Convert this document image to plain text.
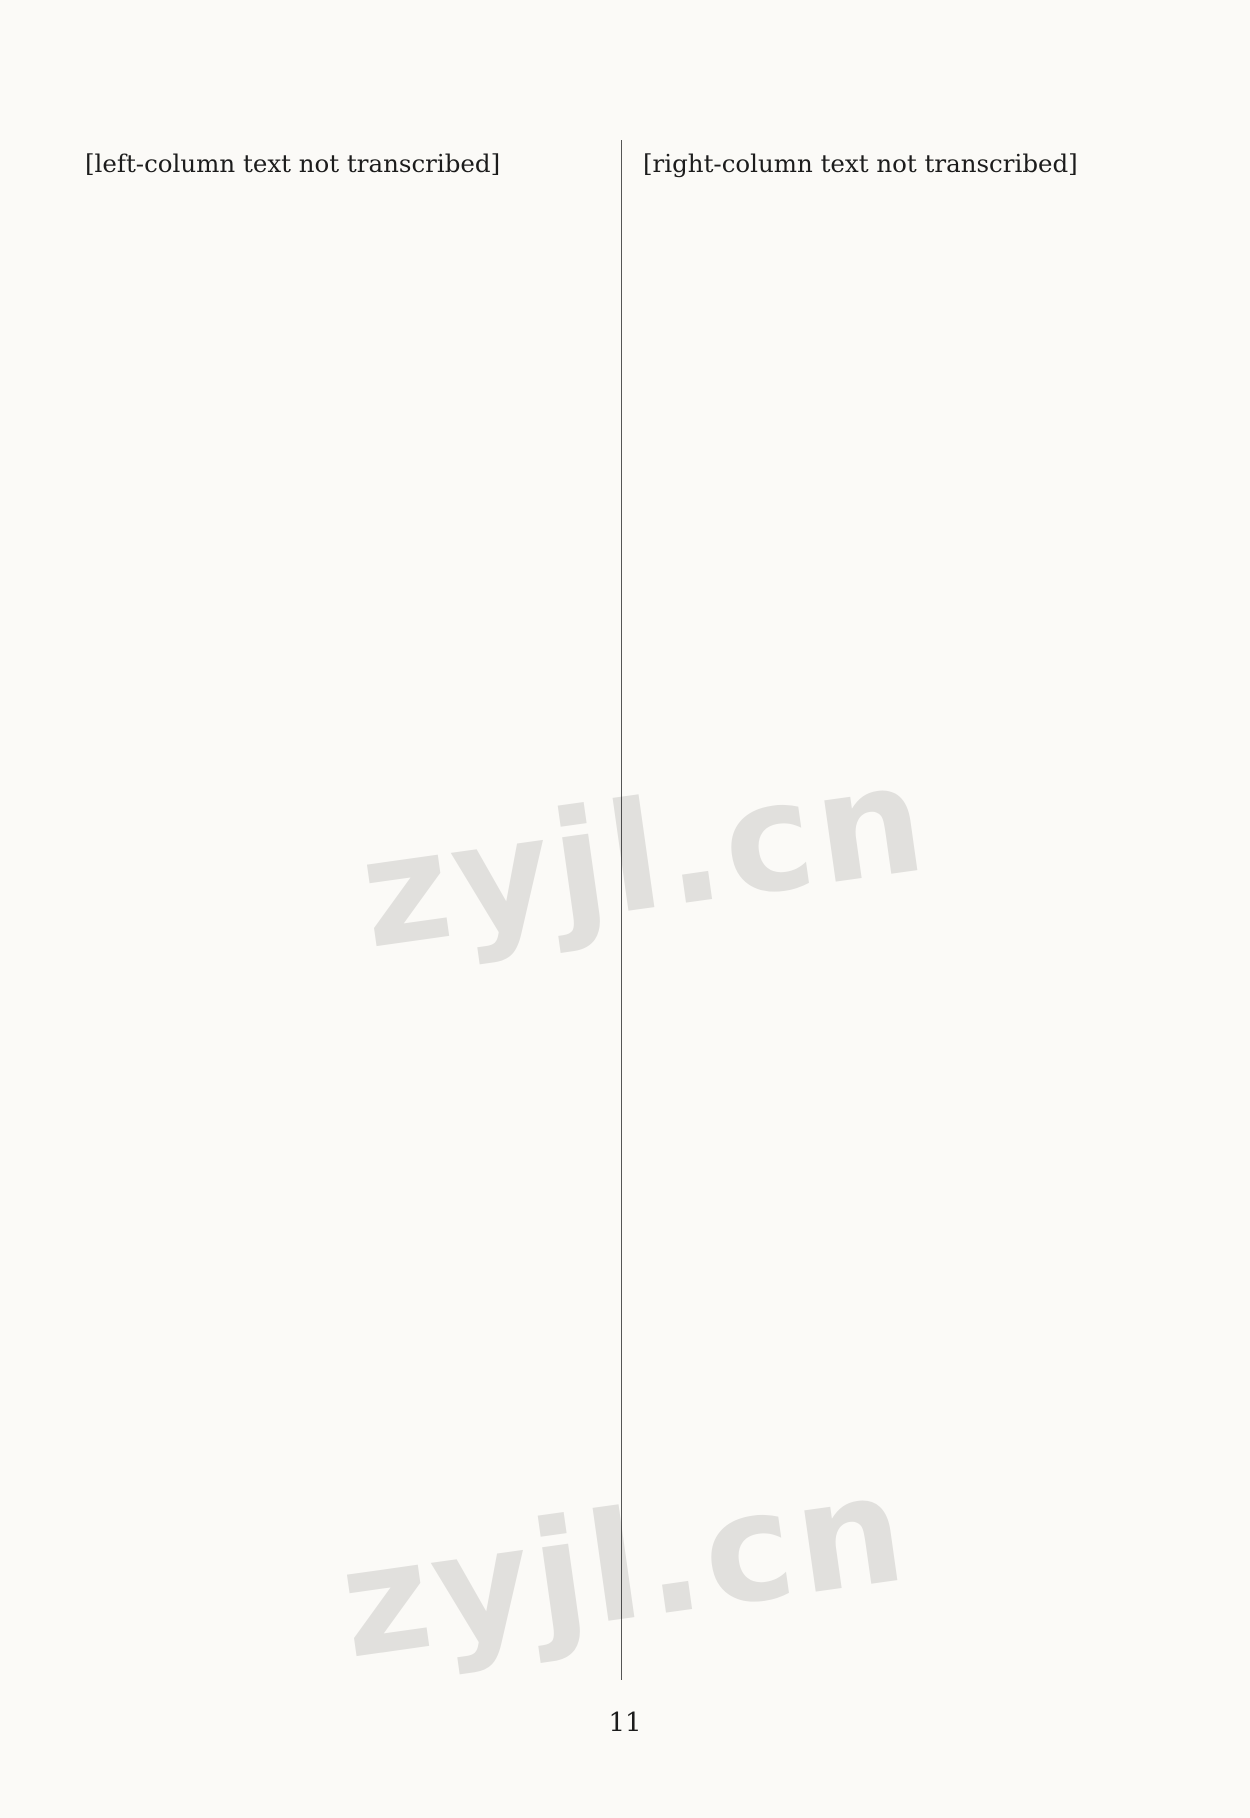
[left-column text not transcribed]	[right-column text not transcribed]

zyjl.cn
zyjl.cn
11
